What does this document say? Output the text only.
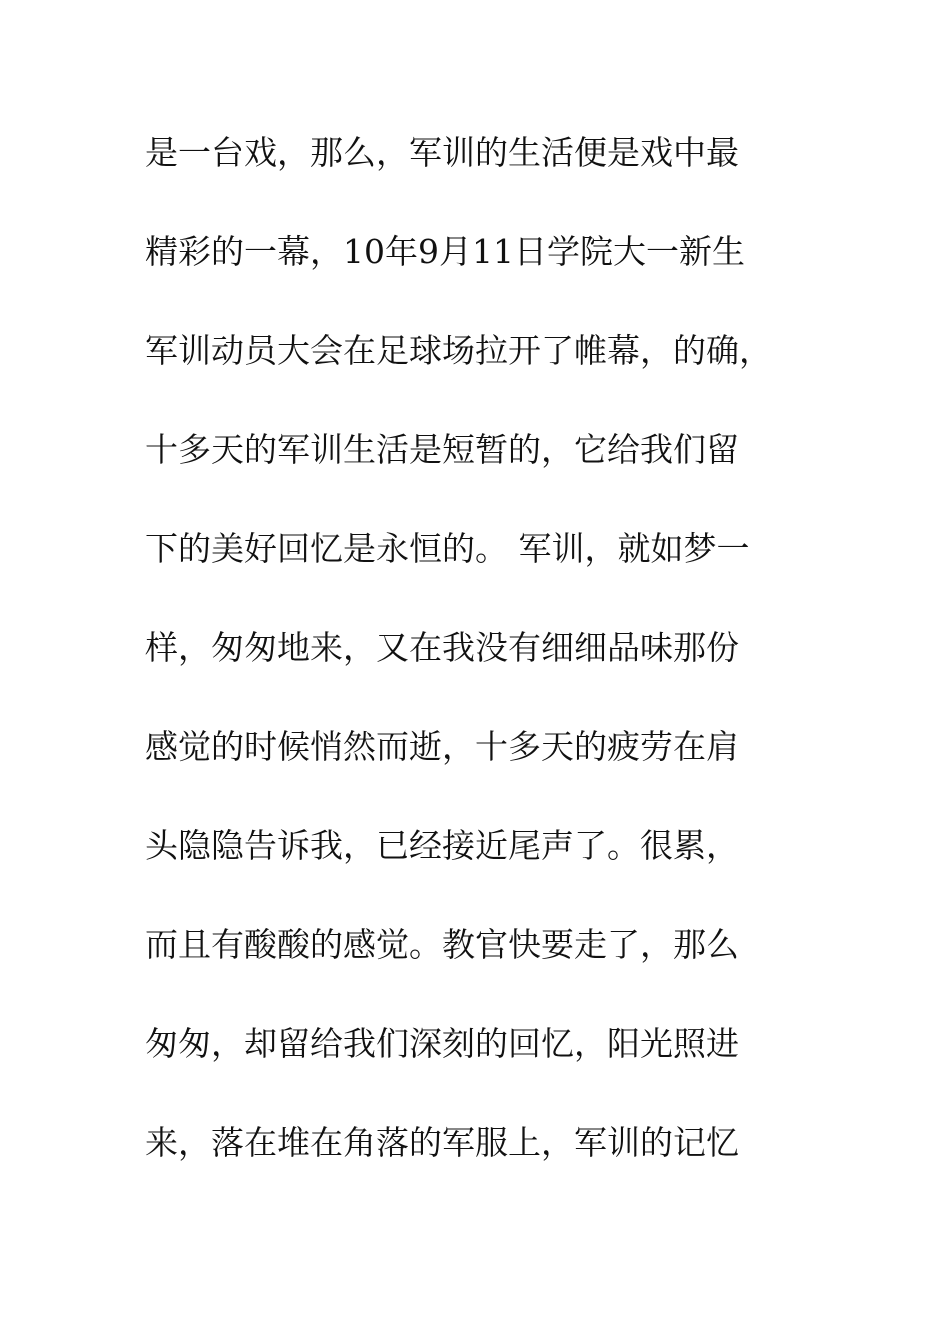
是一台戏，那么，军训的生活便是戏中最
精彩的一幕，10年9月11日学院大一新生
军训动员大会在足球场拉开了帷幕，的确，
十多天的军训生活是短暂的，它给我们留
下的美好回忆是永恒的。 军训，就如梦一
样，匆匆地来，又在我没有细细品味那份
感觉的时候悄然而逝，十多天的疲劳在肩
头隐隐告诉我，已经接近尾声了。很累，
而且有酸酸的感觉。教官快要走了，那么
匆匆，却留给我们深刻的回忆，阳光照进
来，落在堆在角落的军服上，军训的记忆
